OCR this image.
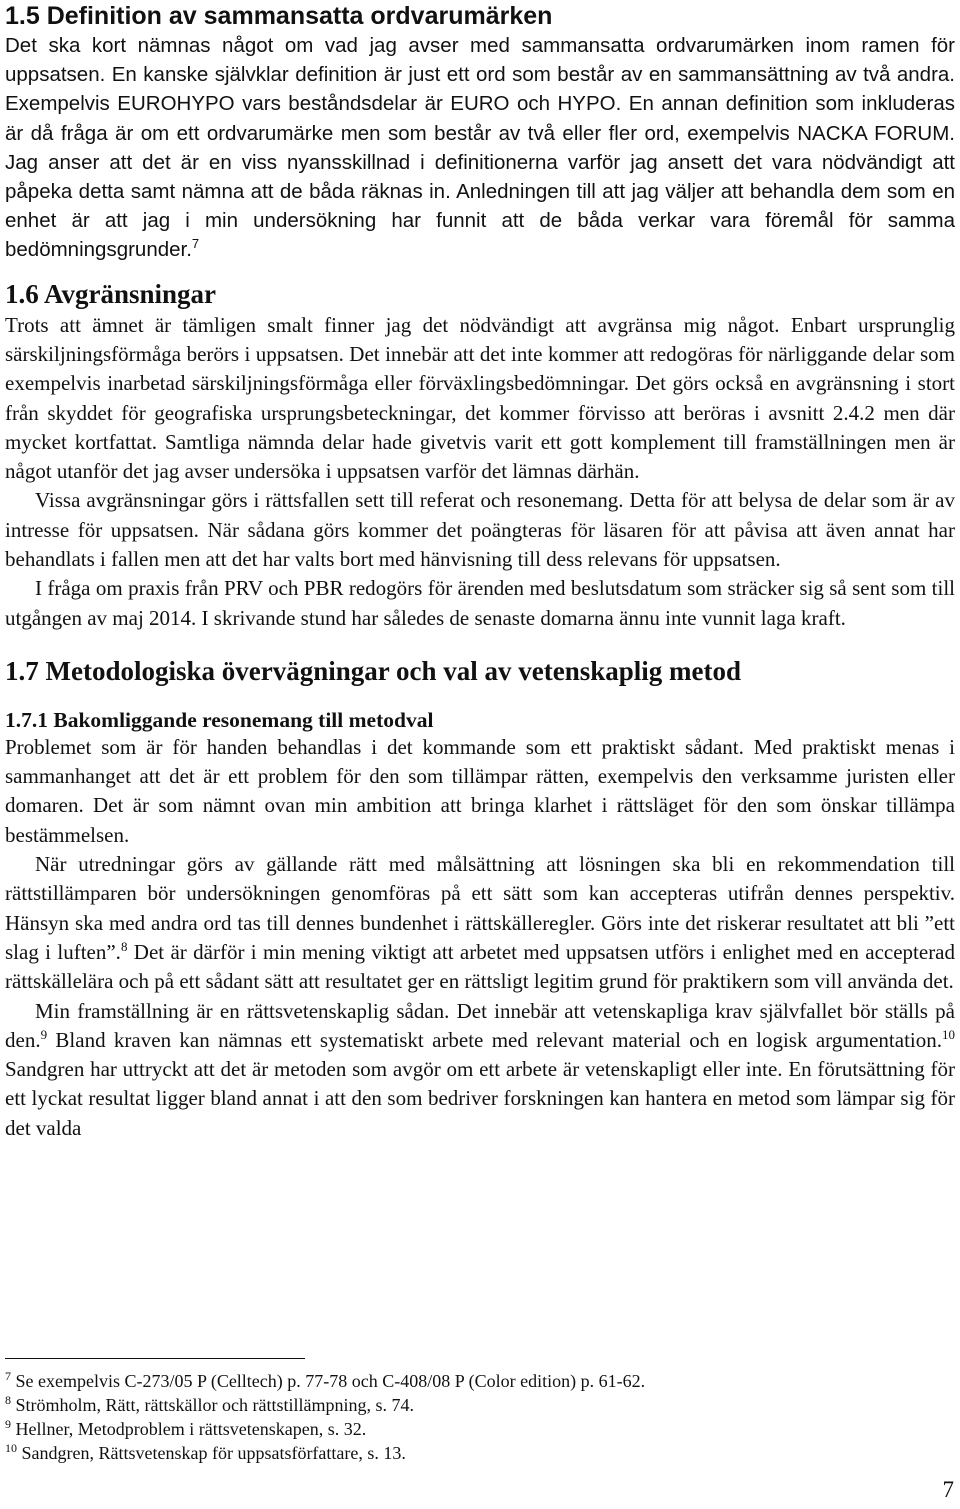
1.5 Definition av sammansatta ordvarumärken

Det ska kort nämnas något om vad jag avser med sammansatta ordvarumärken inom ramen för uppsatsen. En kanske självklar definition är just ett ord som består av en sammansättning av två andra. Exempelvis EUROHYPO vars beståndsdelar är EURO och HYPO. En annan definition som inkluderas är då fråga är om ett ordvarumärke men som består av två eller fler ord, exempelvis NACKA FORUM. Jag anser att det är en viss nyansskillnad i definitionerna varför jag ansett det vara nödvändigt att påpeka detta samt nämna att de båda räknas in. Anledningen till att jag väljer att behandla dem som en enhet är att jag i min undersökning har funnit att de båda verkar vara föremål för samma bedömningsgrunder.$^7$

1.6 Avgränsningar

Trots att ämnet är tämligen smalt finner jag det nödvändigt att avgränsa mig något. Enbart ursprunglig särskiljningsförmåga berörs i uppsatsen. Det innebär att det inte kommer att redogöras för närliggande delar som exempelvis inarbetad särskiljningsförmåga eller förväxlingsbedömningar. Det görs också en avgränsning i stort från skyddet för geografiska ursprungsbeteckningar, det kommer förvisso att beröras i avsnitt 2.4.2 men där mycket kortfattat. Samtliga nämnda delar hade givetvis varit ett gott komplement till framställningen men är något utanför det jag avser undersöka i uppsatsen varför det lämnas därhän.

Vissa avgränsningar görs i rättsfallen sett till referat och resonemang. Detta för att belysa de delar som är av intresse för uppsatsen. När sådana görs kommer det poängteras för läsaren för att påvisa att även annat har behandlats i fallen men att det har valts bort med hänvisning till dess relevans för uppsatsen.

I fråga om praxis från PRV och PBR redogörs för ärenden med beslutsdatum som sträcker sig så sent som till utgången av maj 2014. I skrivande stund har således de senaste domarna ännu inte vunnit laga kraft.

1.7 Metodologiska övervägningar och val av vetenskaplig metod
1.7.1 Bakomliggande resonemang till metodval

Problemet som är för handen behandlas i det kommande som ett praktiskt sådant. Med praktiskt menas i sammanhanget att det är ett problem för den som tillämpar rätten, exempelvis den verksamme juristen eller domaren. Det är som nämnt ovan min ambition att bringa klarhet i rättsläget för den som önskar tillämpa bestämmelsen.

När utredningar görs av gällande rätt med målsättning att lösningen ska bli en rekommendation till rättstillämparen bör undersökningen genomföras på ett sätt som kan accepteras utifrån dennes perspektiv. Hänsyn ska med andra ord tas till dennes bundenhet i rättskälleregler. Görs inte det riskerar resultatet att bli ”ett slag i luften”.$^8$ Det är därför i min mening viktigt att arbetet med uppsatsen utförs i enlighet med en accepterad rättskällelära och på ett sådant sätt att resultatet ger en rättsligt legitim grund för praktikern som vill använda det.

Min framställning är en rättsvetenskaplig sådan. Det innebär att vetenskapliga krav självfallet bör ställs på den.$^9$ Bland kraven kan nämnas ett systematiskt arbete med relevant material och en logisk argumentation.$^{10}$ Sandgren har uttryckt att det är metoden som avgör om ett arbete är vetenskapligt eller inte. En förutsättning för ett lyckat resultat ligger bland annat i att den som bedriver forskningen kan hantera en metod som lämpar sig för det valda

$^7$ Se exempelvis C-273/05 P (Celltech) p. 77-78 och C-408/08 P (Color edition) p. 61-62.

$^8$ Strömholm, Rätt, rättskällor och rättstillämpning, s. 74.

$^9$ Hellner, Metodproblem i rättsvetenskapen, s. 32.

$^{10}$ Sandgren, Rättsvetenskap för uppsatsförfattare, s. 13.

7
